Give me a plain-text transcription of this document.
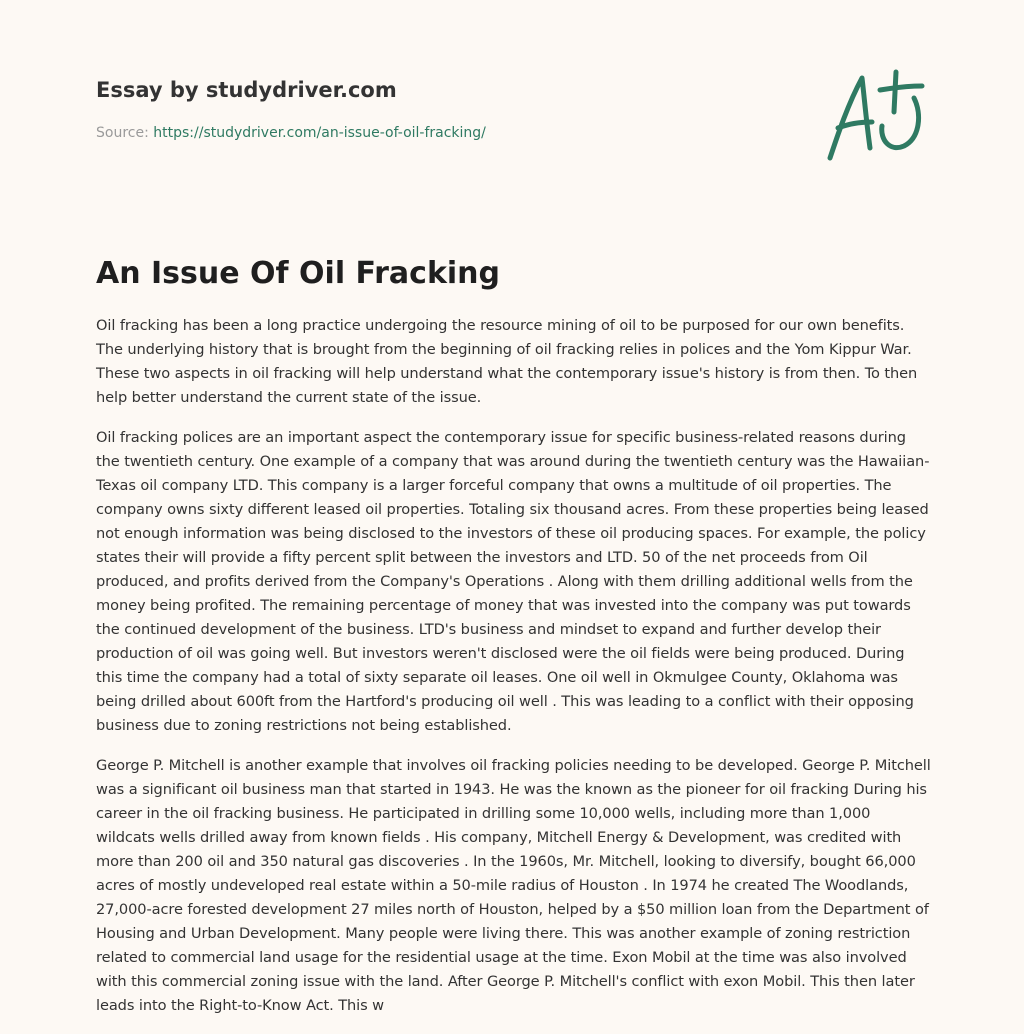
Essay by studydriver.com
Source: https://studydriver.com/an-issue-of-oil-fracking/
An Issue Of Oil Fracking

Oil fracking has been a long practice undergoing the resource mining of oil to be purposed for our own benefits. The underlying history that is brought from the beginning of oil fracking relies in polices and the Yom Kippur War. These two aspects in oil fracking will help understand what the contemporary issue's history is from then. To then help better understand the current state of the issue.

Oil fracking polices are an important aspect the contemporary issue for specific business-related reasons during the twentieth century. One example of a company that was around during the twentieth century was the Hawaiian-Texas oil company LTD. This company is a larger forceful company that owns a multitude of oil properties. The company owns sixty different leased oil properties. Totaling six thousand acres. From these properties being leased not enough information was being disclosed to the investors of these oil producing spaces. For example, the policy states their will provide a fifty percent split between the investors and LTD. 50 of the net proceeds from Oil produced, and profits derived from the Company's Operations . Along with them drilling additional wells from the money being profited. The remaining percentage of money that was invested into the company was put towards the continued development of the business. LTD's business and mindset to expand and further develop their production of oil was going well. But investors weren't disclosed were the oil fields were being produced. During this time the company had a total of sixty separate oil leases. One oil well in Okmulgee County, Oklahoma was being drilled about 600ft from the Hartford's producing oil well . This was leading to a conflict with their opposing business due to zoning restrictions not being established.

George P. Mitchell is another example that involves oil fracking policies needing to be developed. George P. Mitchell was a significant oil business man that started in 1943. He was the known as the pioneer for oil fracking During his career in the oil fracking business. He participated in drilling some 10,000 wells, including more than 1,000 wildcats wells drilled away from known fields . His company, Mitchell Energy & Development, was credited with more than 200 oil and 350 natural gas discoveries . In the 1960s, Mr. Mitchell, looking to diversify, bought 66,000 acres of mostly undeveloped real estate within a 50-mile radius of Houston . In 1974 he created The Woodlands, 27,000-acre forested development 27 miles north of Houston, helped by a $50 million loan from the Department of Housing and Urban Development. Many people were living there. This was another example of zoning restriction related to commercial land usage for the residential usage at the time. Exon Mobil at the time was also involved with this commercial zoning issue with the land. After George P. Mitchell's conflict with exon Mobil. This then later leads into the Right-to-Know Act. This w
